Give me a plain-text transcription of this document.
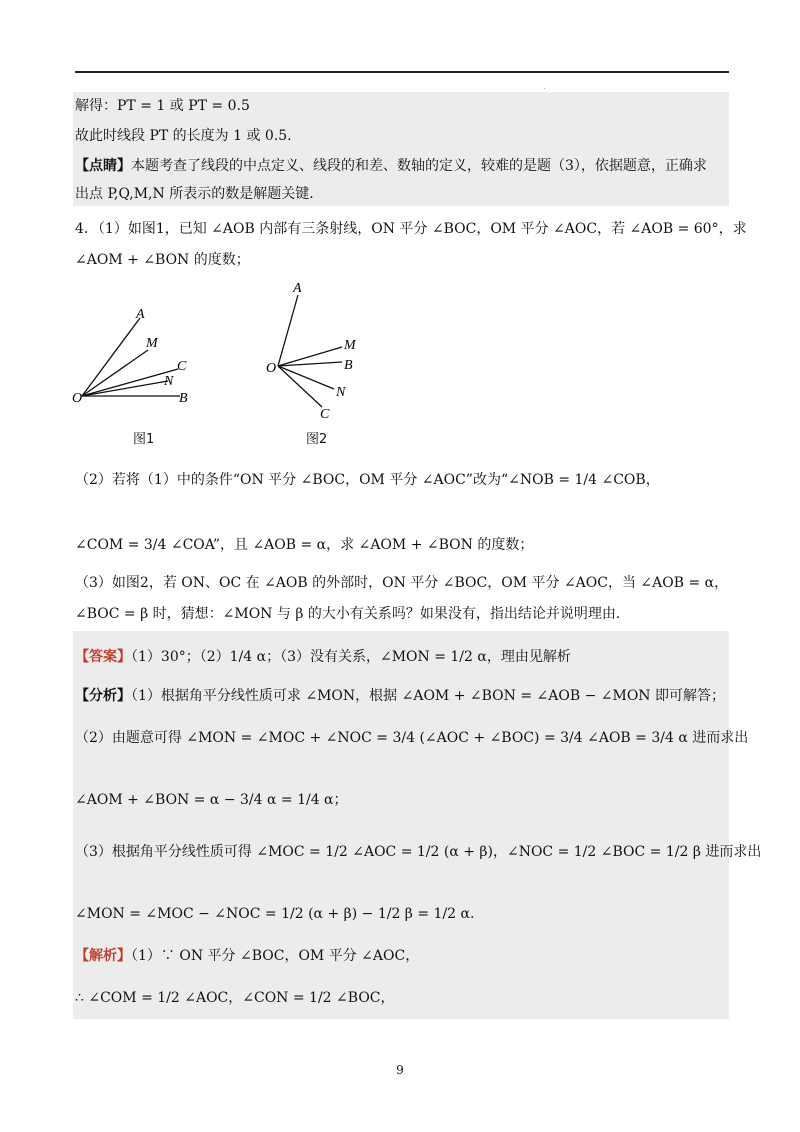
.
解得：PT = 1 或 PT = 0.5
故此时线段 PT 的长度为 1 或 0.5.
【点睛】本题考查了线段的中点定义、线段的和差、数轴的定义，较难的是题（3），依据题意，正确求
出点 P,Q,M,N 所表示的数是解题关键.
4．（1）如图1，已知 ∠AOB 内部有三条射线，ON 平分 ∠BOC，OM 平分 ∠AOC，若 ∠AOB = 60°，求
∠AOM + ∠BON 的度数；
A
M
C
N
O	B
图1
A
M
B
O
N
C
图2
（2）若将（1）中的条件“ON 平分 ∠BOC，OM 平分 ∠AOC”改为“∠NOB = 1/4 ∠COB，
∠COM = 3/4 ∠COA”，且 ∠AOB = α，求 ∠AOM + ∠BON 的度数；
（3）如图2，若 ON、OC 在 ∠AOB 的外部时，ON 平分 ∠BOC，OM 平分 ∠AOC，当 ∠AOB = α，
∠BOC = β 时，猜想：∠MON 与 β 的大小有关系吗？如果没有，指出结论并说明理由.
【答案】（1）30°；（2）1/4 α；（3）没有关系，∠MON = 1/2 α，理由见解析
【分析】（1）根据角平分线性质可求 ∠MON，根据 ∠AOM + ∠BON = ∠AOB − ∠MON 即可解答；
（2）由题意可得 ∠MON = ∠MOC + ∠NOC = 3/4 (∠AOC + ∠BOC) = 3/4 ∠AOB = 3/4 α 进而求出
∠AOM + ∠BON = α − 3/4 α = 1/4 α；
（3）根据角平分线性质可得 ∠MOC = 1/2 ∠AOC = 1/2 (α + β)，∠NOC = 1/2 ∠BOC = 1/2 β 进而求出
∠MON = ∠MOC − ∠NOC = 1/2 (α + β) − 1/2 β = 1/2 α.
【解析】（1）∵ ON 平分 ∠BOC，OM 平分 ∠AOC，
∴ ∠COM = 1/2 ∠AOC，∠CON = 1/2 ∠BOC，
9
